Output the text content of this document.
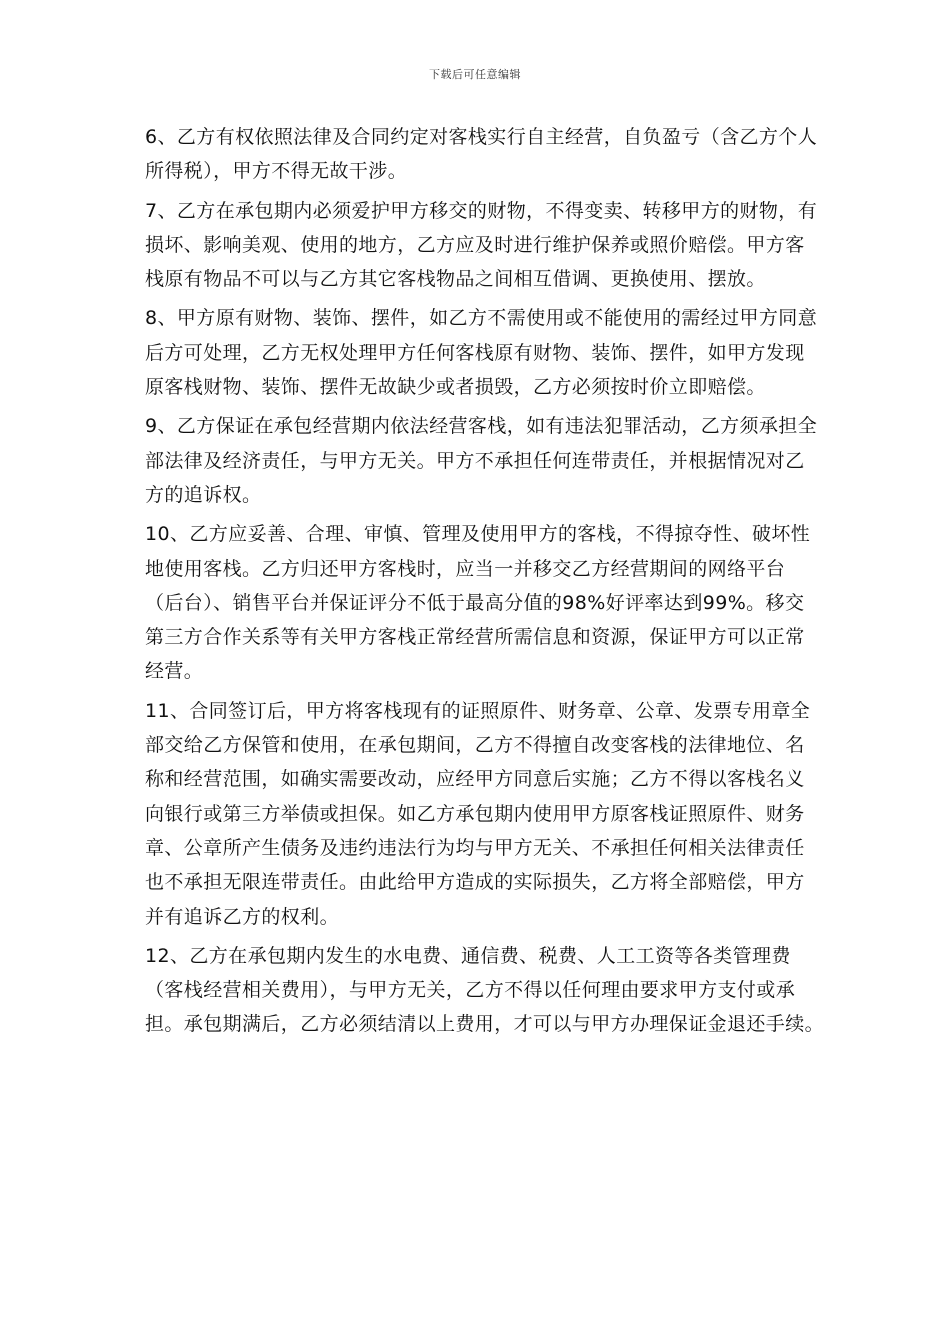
下载后可任意编辑

6、乙方有权依照法律及合同约定对客栈实行自主经营，自负盈亏（含乙方个人
所得税），甲方不得无故干涉。

7、乙方在承包期内必须爱护甲方移交的财物，不得变卖、转移甲方的财物，有
损坏、影响美观、使用的地方，乙方应及时进行维护保养或照价赔偿。甲方客
栈原有物品不可以与乙方其它客栈物品之间相互借调、更换使用、摆放。

8、甲方原有财物、装饰、摆件，如乙方不需使用或不能使用的需经过甲方同意
后方可处理，乙方无权处理甲方任何客栈原有财物、装饰、摆件，如甲方发现
原客栈财物、装饰、摆件无故缺少或者损毁，乙方必须按时价立即赔偿。

9、乙方保证在承包经营期内依法经营客栈，如有违法犯罪活动，乙方须承担全
部法律及经济责任，与甲方无关。甲方不承担任何连带责任，并根据情况对乙
方的追诉权。

10、乙方应妥善、合理、审慎、管理及使用甲方的客栈，不得掠夺性、破坏性
地使用客栈。乙方归还甲方客栈时，应当一并移交乙方经营期间的网络平台
（后台）、销售平台并保证评分不低于最高分值的98%好评率达到99%。移交
第三方合作关系等有关甲方客栈正常经营所需信息和资源，保证甲方可以正常
经营。

11、合同签订后，甲方将客栈现有的证照原件、财务章、公章、发票专用章全
部交给乙方保管和使用，在承包期间，乙方不得擅自改变客栈的法律地位、名
称和经营范围，如确实需要改动，应经甲方同意后实施；乙方不得以客栈名义
向银行或第三方举债或担保。如乙方承包期内使用甲方原客栈证照原件、财务
章、公章所产生债务及违约违法行为均与甲方无关、不承担任何相关法律责任
也不承担无限连带责任。由此给甲方造成的实际损失，乙方将全部赔偿，甲方
并有追诉乙方的权利。

12、乙方在承包期内发生的水电费、通信费、税费、人工工资等各类管理费
（客栈经营相关费用），与甲方无关，乙方不得以任何理由要求甲方支付或承
担。承包期满后，乙方必须结清以上费用，才可以与甲方办理保证金退还手续。
